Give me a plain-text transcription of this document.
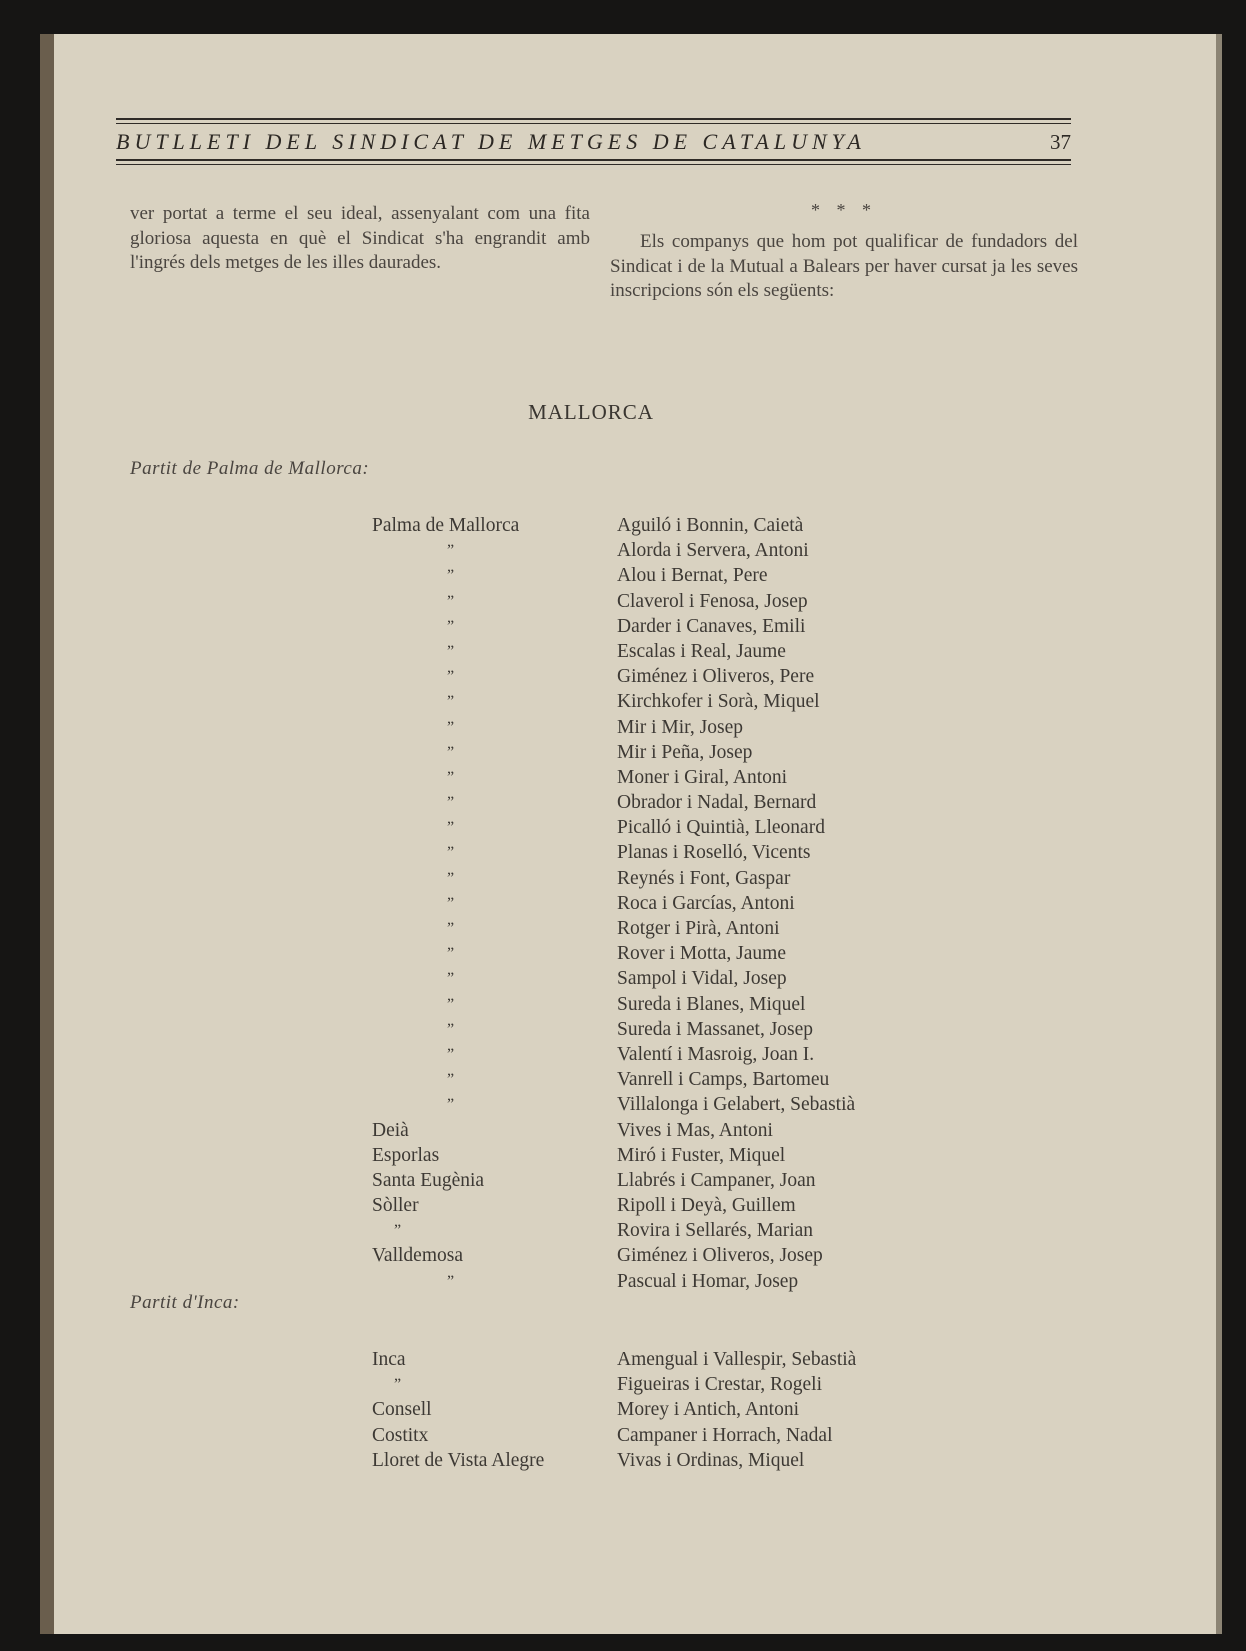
BUTLLETI DEL SINDICAT DE METGES DE CATALUNYA	37
ver portat a terme el seu ideal, assenyalant com una fita gloriosa aquesta en què el Sindicat s'ha engrandit amb l'ingrés dels metges de les illes daurades.
* * *
Els companys que hom pot qualificar de fundadors del Sindicat i de la Mutual a Balears per haver cursat ja les seves inscripcions són els següents:
MALLORCA
Partit de Palma de Mallorca:
Palma de Mallorca	Aguiló i Bonnin, Caietà
”	Alorda i Servera, Antoni
”	Alou i Bernat, Pere
”	Claverol i Fenosa, Josep
”	Darder i Canaves, Emili
”	Escalas i Real, Jaume
”	Giménez i Oliveros, Pere
”	Kirchkofer i Sorà, Miquel
”	Mir i Mir, Josep
”	Mir i Peña, Josep
”	Moner i Giral, Antoni
”	Obrador i Nadal, Bernard
”	Picalló i Quintià, Lleonard
”	Planas i Roselló, Vicents
”	Reynés i Font, Gaspar
”	Roca i Garcías, Antoni
”	Rotger i Pirà, Antoni
”	Rover i Motta, Jaume
”	Sampol i Vidal, Josep
”	Sureda i Blanes, Miquel
”	Sureda i Massanet, Josep
”	Valentí i Masroig, Joan I.
”	Vanrell i Camps, Bartomeu
”	Villalonga i Gelabert, Sebastià
Deià	Vives i Mas, Antoni
Esporlas	Miró i Fuster, Miquel
Santa Eugènia	Llabrés i Campaner, Joan
Sòller	Ripoll i Deyà, Guillem
”	Rovira i Sellarés, Marian
Valldemosa	Giménez i Oliveros, Josep
”	Pascual i Homar, Josep
Partit d'Inca:
Inca	Amengual i Vallespir, Sebastià
”	Figueiras i Crestar, Rogeli
Consell	Morey i Antich, Antoni
Costitx	Campaner i Horrach, Nadal
Lloret de Vista Alegre	Vivas i Ordinas, Miquel
